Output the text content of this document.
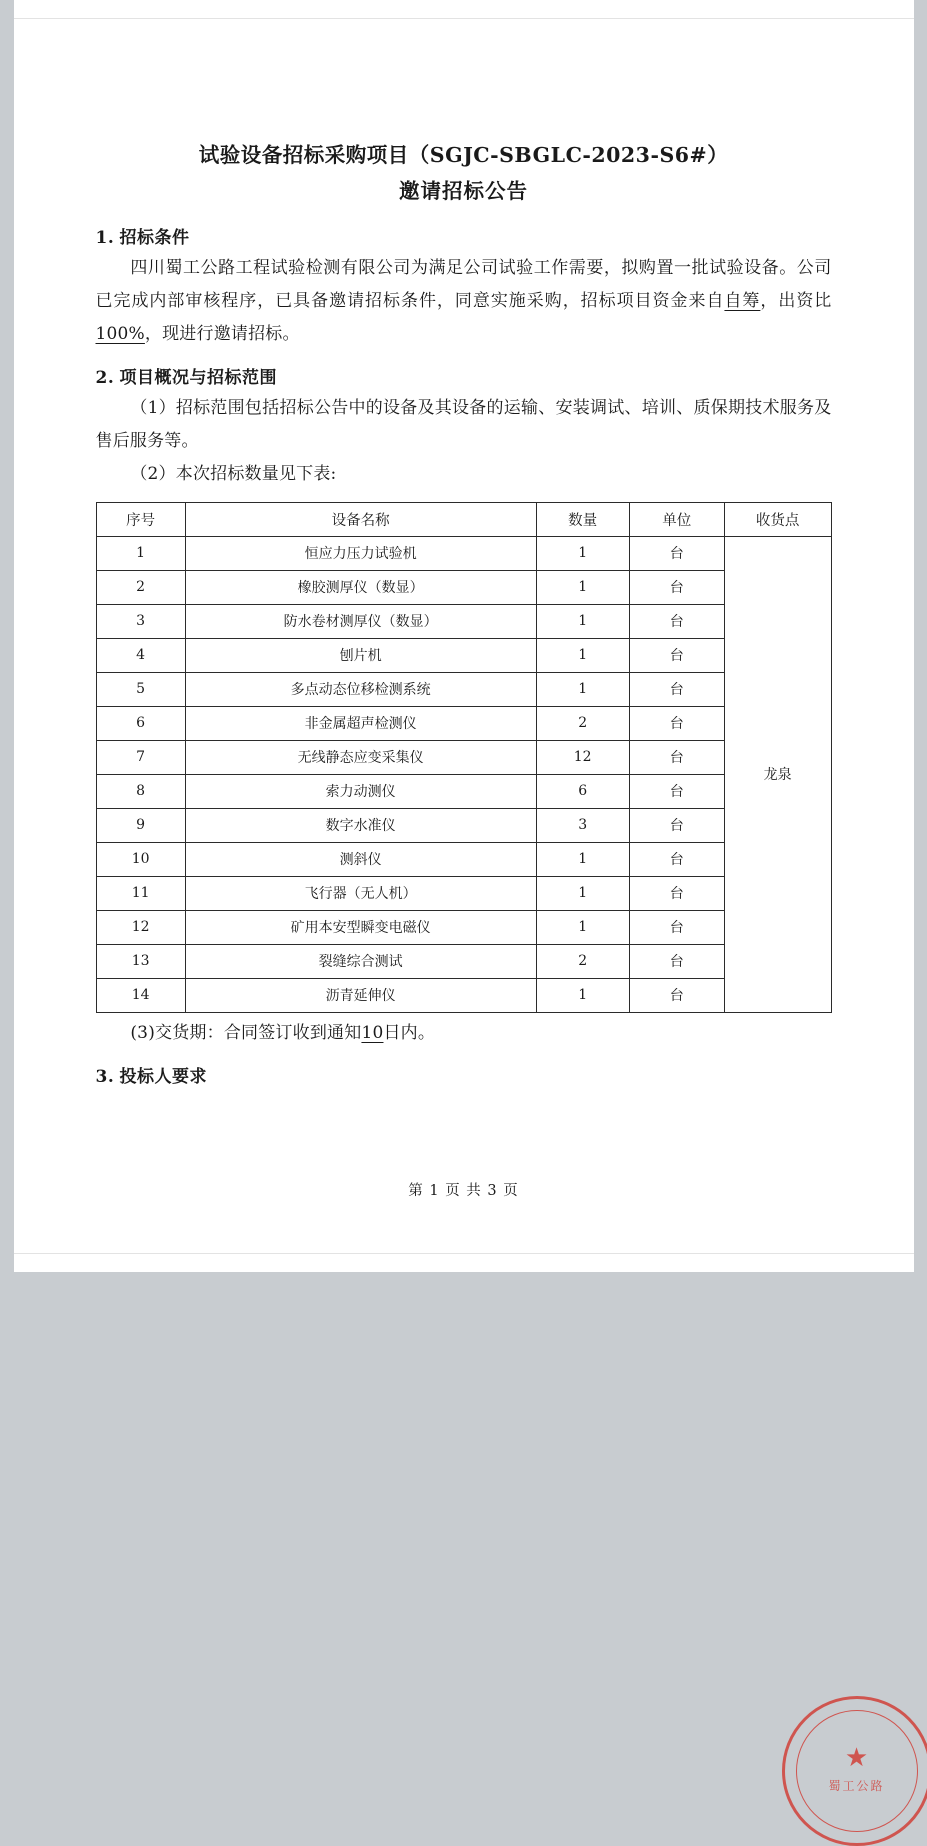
试验设备招标采购项目（SGJC-SBGLC-2023-S6#）
邀请招标公告
1. 招标条件

四川蜀工公路工程试验检测有限公司为满足公司试验工作需要，拟购置一批试验设备。公司已完成内部审核程序，已具备邀请招标条件，同意实施采购，招标项目资金来自自筹，出资比100%，现进行邀请招标。

2. 项目概况与招标范围

（1）招标范围包括招标公告中的设备及其设备的运输、安装调试、培训、质保期技术服务及售后服务等。

（2）本次招标数量见下表:

序号	设备名称	数量	单位	收货点
1	恒应力压力试验机	1	台	龙泉
2	橡胶测厚仪（数显）	1	台	
3	防水卷材测厚仪（数显）	1	台	
4	刨片机	1	台	
5	多点动态位移检测系统	1	台	
6	非金属超声检测仪	2	台	
7	无线静态应变采集仪	12	台	
8	索力动测仪	6	台	
9	数字水准仪	3	台	
10	测斜仪	1	台	
11	飞行器（无人机）	1	台	
12	矿用本安型瞬变电磁仪	1	台	
13	裂缝综合测试	2	台	
14	沥青延伸仪	1	台	

(3)交货期：合同签订收到通知10日内。

3. 投标人要求
★
蜀工公路
第 1 页 共 3 页
